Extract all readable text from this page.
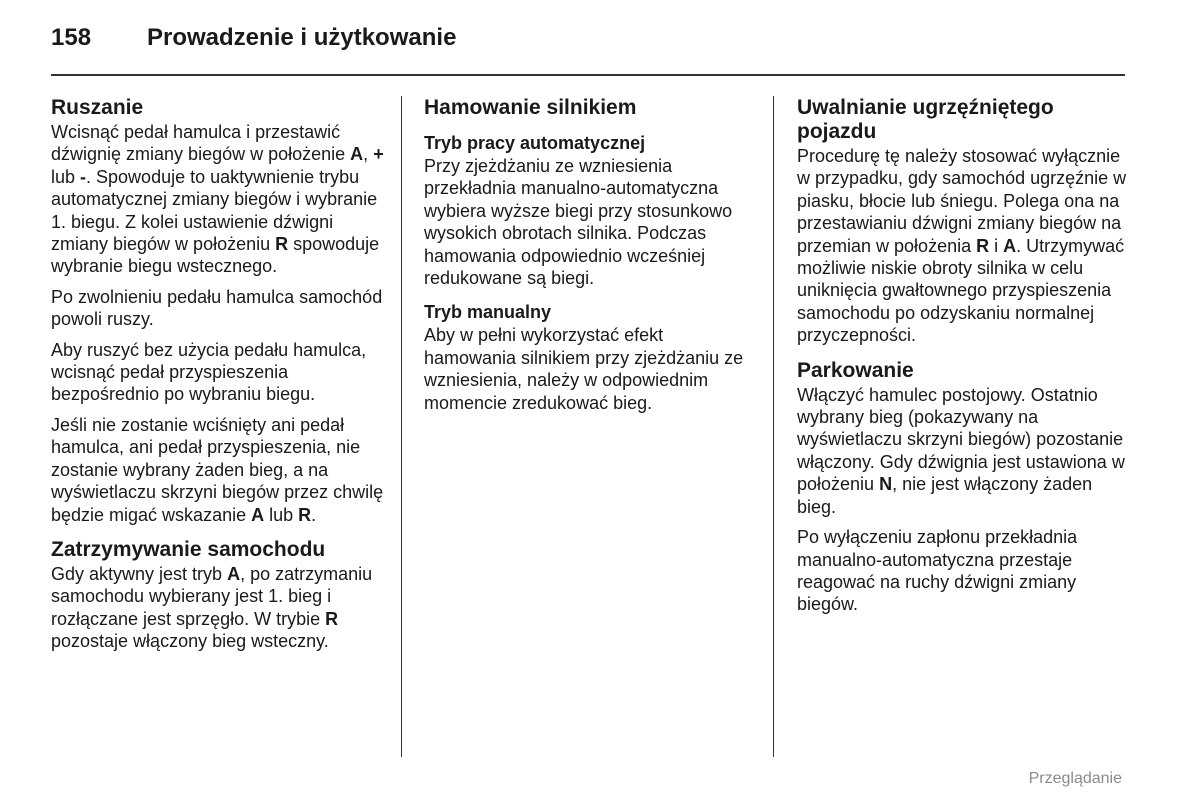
158	Prowadzenie i użytkowanie
Ruszanie

Wcisnąć pedał hamulca i przestawić dźwignię zmiany biegów w położenie A, + lub -. Spowoduje to uaktywnienie trybu automatycznej zmiany biegów i wybranie 1. biegu. Z kolei ustawienie dźwigni zmiany biegów w położeniu R spowoduje wybranie biegu wstecznego.

Po zwolnieniu pedału hamulca samochód powoli ruszy.

Aby ruszyć bez użycia pedału hamulca, wcisnąć pedał przyspieszenia bezpośrednio po wybraniu biegu.

Jeśli nie zostanie wciśnięty ani pedał hamulca, ani pedał przyspieszenia, nie zostanie wybrany żaden bieg, a na wyświetlaczu skrzyni biegów przez chwilę będzie migać wskazanie A lub R.

Zatrzymywanie samochodu

Gdy aktywny jest tryb A, po zatrzymaniu samochodu wybierany jest 1. bieg i rozłączane jest sprzęgło. W trybie R pozostaje włączony bieg wsteczny.

Hamowanie silnikiem
Tryb pracy automatycznej

Przy zjeżdżaniu ze wzniesienia przekładnia manualno-automatyczna wybiera wyższe biegi przy stosunkowo wysokich obrotach silnika. Podczas hamowania odpowiednio wcześniej redukowane są biegi.

Tryb manualny

Aby w pełni wykorzystać efekt hamowania silnikiem przy zjeżdżaniu ze wzniesienia, należy w odpowiednim momencie zredukować bieg.

Uwalnianie ugrzęźniętego pojazdu

Procedurę tę należy stosować wyłącznie w przypadku, gdy samochód ugrzęźnie w piasku, błocie lub śniegu. Polega ona na przestawianiu dźwigni zmiany biegów na przemian w położenia R i A. Utrzymywać możliwie niskie obroty silnika w celu uniknięcia gwałtownego przyspieszenia samochodu po odzyskaniu normalnej przyczepności.

Parkowanie

Włączyć hamulec postojowy. Ostatnio wybrany bieg (pokazywany na wyświetlaczu skrzyni biegów) pozostanie włączony. Gdy dźwignia jest ustawiona w położeniu N, nie jest włączony żaden bieg.

Po wyłączeniu zapłonu przekładnia manualno-automatyczna przestaje reagować na ruchy dźwigni zmiany biegów.

Przeglądanie
